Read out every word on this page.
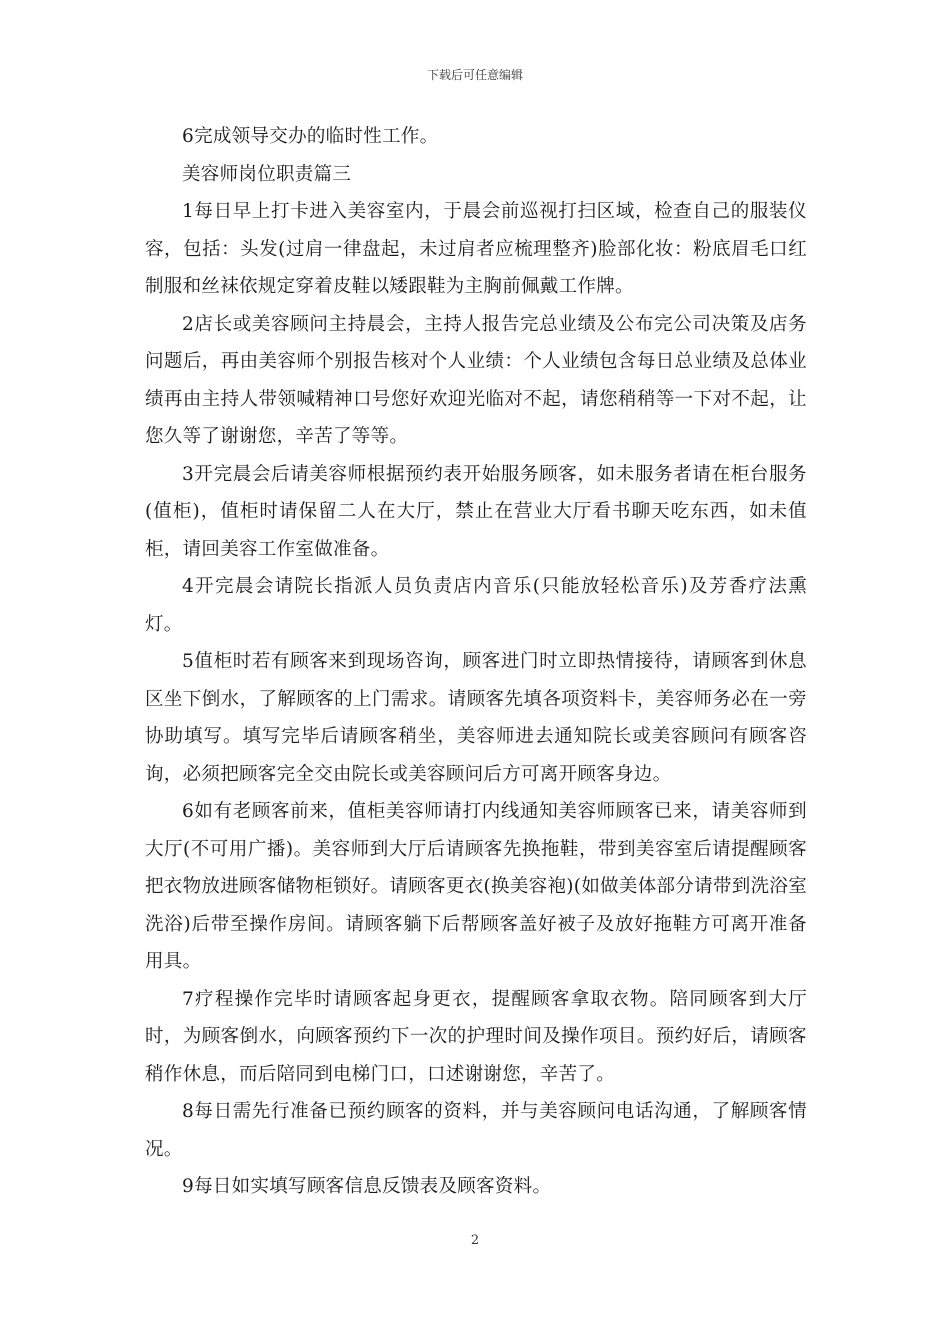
下载后可任意编辑

6完成领导交办的临时性工作。

美容师岗位职责篇三

1每日早上打卡进入美容室内，于晨会前巡视打扫区域，检查自己的服装仪容，包括：头发(过肩一律盘起，未过肩者应梳理整齐)脸部化妆：粉底眉毛口红制服和丝袜依规定穿着皮鞋以矮跟鞋为主胸前佩戴工作牌。

2店长或美容顾问主持晨会，主持人报告完总业绩及公布完公司决策及店务问题后，再由美容师个别报告核对个人业绩：个人业绩包含每日总业绩及总体业绩再由主持人带领喊精神口号您好欢迎光临对不起，请您稍稍等一下对不起，让您久等了谢谢您，辛苦了等等。

3开完晨会后请美容师根据预约表开始服务顾客，如未服务者请在柜台服务(值柜)，值柜时请保留二人在大厅，禁止在营业大厅看书聊天吃东西，如未值柜，请回美容工作室做准备。

4开完晨会请院长指派人员负责店内音乐(只能放轻松音乐)及芳香疗法熏灯。

5值柜时若有顾客来到现场咨询，顾客进门时立即热情接待，请顾客到休息区坐下倒水，了解顾客的上门需求。请顾客先填各项资料卡，美容师务必在一旁协助填写。填写完毕后请顾客稍坐，美容师进去通知院长或美容顾问有顾客咨询，必须把顾客完全交由院长或美容顾问后方可离开顾客身边。

6如有老顾客前来，值柜美容师请打内线通知美容师顾客已来，请美容师到大厅(不可用广播)。美容师到大厅后请顾客先换拖鞋，带到美容室后请提醒顾客把衣物放进顾客储物柜锁好。请顾客更衣(换美容袍)(如做美体部分请带到洗浴室洗浴)后带至操作房间。请顾客躺下后帮顾客盖好被子及放好拖鞋方可离开准备用具。

7疗程操作完毕时请顾客起身更衣，提醒顾客拿取衣物。陪同顾客到大厅时，为顾客倒水，向顾客预约下一次的护理时间及操作项目。预约好后，请顾客稍作休息，而后陪同到电梯门口，口述谢谢您，辛苦了。

8每日需先行准备已预约顾客的资料，并与美容顾问电话沟通，了解顾客情况。

9每日如实填写顾客信息反馈表及顾客资料。

2
